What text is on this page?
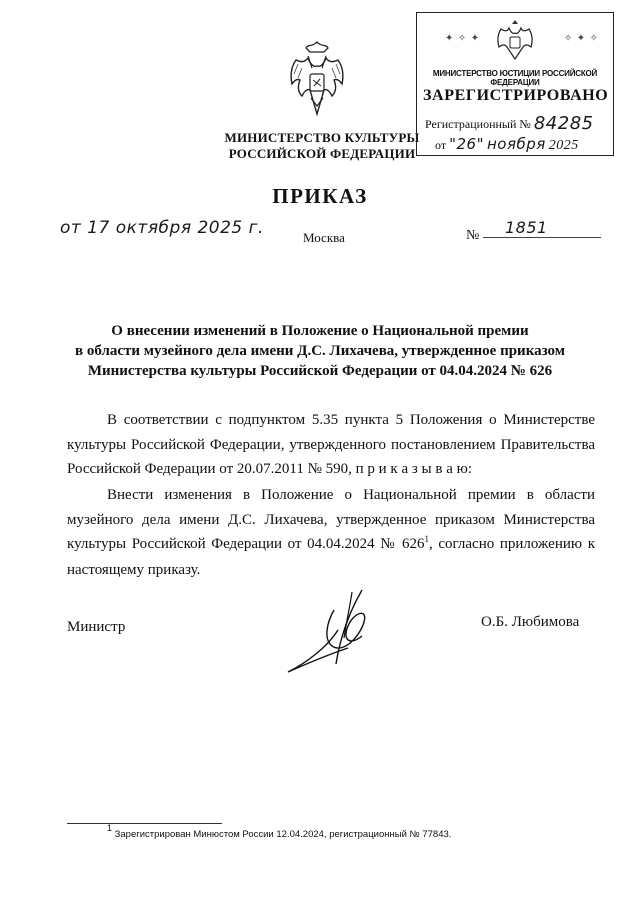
МИНИСТЕРСТВО КУЛЬТУРЫ
РОССИЙСКОЙ ФЕДЕРАЦИИ
✦ ✧ ✦	✧ ✦ ✧
МИНИСТЕРСТВО ЮСТИЦИИ РОССИЙСКОЙ ФЕДЕРАЦИИ
ЗАРЕГИСТРИРОВАНО
Регистрационный № 84285
от "26" ноября 2025
ПРИКАЗ
от 17 октября 2025 г.	Москва	№ 1851
О внесении изменений в Положение о Национальной премии
в области музейного дела имени Д.С. Лихачева, утвержденное приказом
Министерства культуры Российской Федерации от 04.04.2024 № 626

В соответствии с подпунктом 5.35 пункта 5 Положения о Министерстве культуры Российской Федерации, утвержденного постановлением Правительства Российской Федерации от 20.07.2011 № 590, п р и к а з ы в а ю:

Внести изменения в Положение о Национальной премии в области музейного дела имени Д.С. Лихачева, утвержденное приказом Министерства культуры Российской Федерации от 04.04.2024 № $626^1$, согласно приложению к настоящему приказу.

Министр	О.Б. Любимова
1 Зарегистрирован Минюстом России 12.04.2024, регистрационный № 77843.
